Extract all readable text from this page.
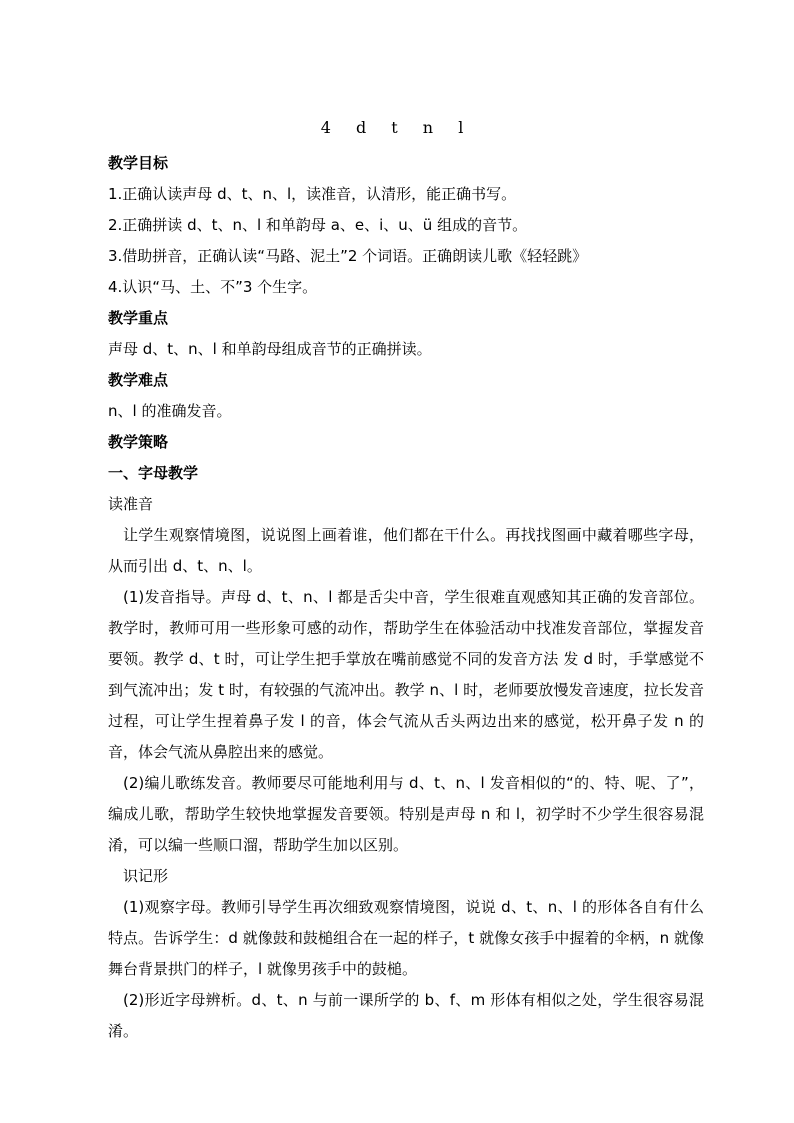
4 d t n l

教学目标

1.正确认读声母 d、t、n、l，读准音，认清形，能正确书写。

2.正确拼读 d、t、n、l 和单韵母 a、e、i、u、ü 组成的音节。

3.借助拼音，正确认读“马路、泥土”2 个词语。正确朗读儿歌《轻轻跳》

4.认识“马、土、不”3 个生字。

教学重点

声母 d、t、n、l 和单韵母组成音节的正确拼读。

教学难点

n、l 的准确发音。

教学策略

一、字母教学

读准音

让学生观察情境图，说说图上画着谁，他们都在干什么。再找找图画中藏着哪些字母，从而引出 d、t、n、l。

(1)发音指导。声母 d、t、n、l 都是舌尖中音，学生很难直观感知其正确的发音部位。教学时，教师可用一些形象可感的动作，帮助学生在体验活动中找准发音部位，掌握发音要领。教学 d、t 时，可让学生把手掌放在嘴前感觉不同的发音方法 发 d 时，手掌感觉不到气流冲出；发 t 时，有较强的气流冲出。教学 n、l 时，老师要放慢发音速度，拉长发音过程，可让学生捏着鼻子发 l 的音，体会气流从舌头两边出来的感觉，松开鼻子发 n 的音，体会气流从鼻腔出来的感觉。

(2)编儿歌练发音。教师要尽可能地利用与 d、t、n、l 发音相似的“的、特、呢、了”，编成儿歌，帮助学生较快地掌握发音要领。特别是声母 n 和 l，初学时不少学生很容易混淆，可以编一些顺口溜，帮助学生加以区别。

识记形

(1)观察字母。教师引导学生再次细致观察情境图，说说 d、t、n、l 的形体各自有什么特点。告诉学生：d 就像鼓和鼓槌组合在一起的样子，t 就像女孩手中握着的伞柄，n 就像舞台背景拱门的样子，l 就像男孩手中的鼓槌。

(2)形近字母辨析。d、t、n 与前一课所学的 b、f、m 形体有相似之处，学生很容易混淆。
